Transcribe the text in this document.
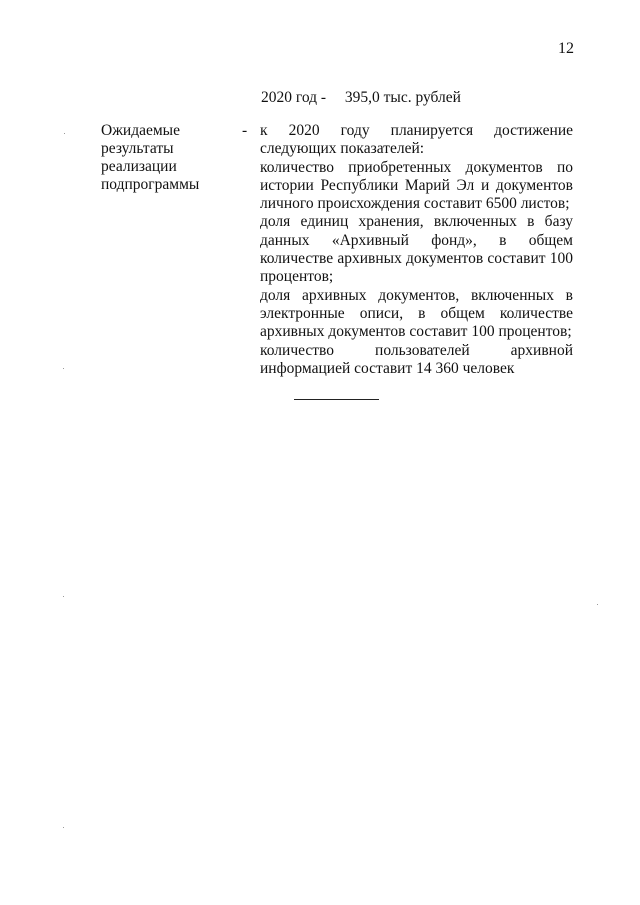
12
2020 год - 395,0 тыс. рублей
Ожидаемые
результаты
реализации
подпрограммы
- к 2020 году планируется достижение следующих показателей:

количество приобретенных документов по истории Республики Марий Эл и документов личного происхождения составит 6500 листов;

доля единиц хранения, включенных в базу данных «Архивный фонд», в общем количестве архивных документов составит 100 процентов;

доля архивных документов, включенных в электронные описи, в общем количестве архивных документов составит 100 процентов;

количество пользователей архивной информацией составит 14 360 человек
